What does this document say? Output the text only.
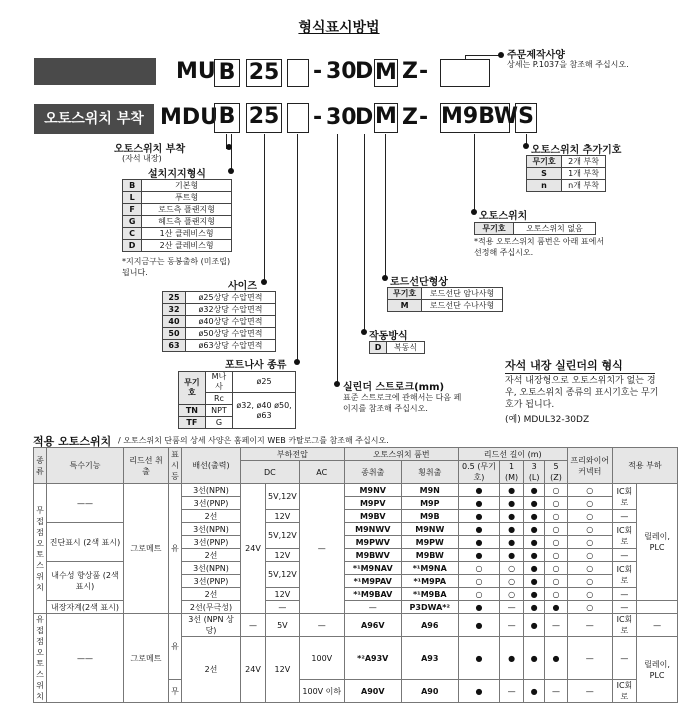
형식표시방법
오토스위치 부착
MU B 25 - 30
D M Z -
MDU B 25 - 30
D M Z - M9BW S
주문제작사양
상세는 P.1037을 참조해 주십시오.
오토스위치 부착
(자석 내장)
설치지지형식
B	기본형
L	푸트형
F	로드측 플랜지형
G	헤드측 플랜지형
C	1산 클레비스형
D	2산 클레비스형
*지지금구는 동봉출하 (미조립) 됩니다.
사이즈
25	ø25상당 수압면적
32	ø32상당 수압면적
40	ø40상당 수압면적
50	ø50상당 수압면적
63	ø63상당 수압면적
포트나사 종류
무기호	M나사	ø25
	Rc	ø32, ø40 ø50, ø63
TN	NPT	
TF	G	
실린더 스트로크(mm)
표준 스트로크에 관해서는 다음 페이지를 참조해 주십시오.
작동방식
D	복동식
로드선단형상
무기호	로드선단 암나사형
M	로드선단 수나사형
오토스위치
무기호	오토스위치 없음
*적용 오토스위치 품번은 아래 표에서 선정해 주십시오.
오토스위치 추가기호
무기호	2개 부착
S	1개 부착
n	n개 부착
자석 내장 실린더의 형식
자석 내장형으로 오토스위치가 없는 경우, 오토스위치 종류의 표시기호는 무기호가 됩니다.
(예) MDUL32-30DZ
적용 오토스위치 / 오토스위치 단품의 상세 사양은 홈페이지 WEB 카탈로그를 참조해 주십시오.
종류	특수기능	리드선 취출	표시등	배선(출력)	부하전압			오토스위치 품번		리드선 길이 (m)				프리와이어 커넥터	적용 부하	
					DC		AC	종취출	횡취출	0.5 (무기호)	1 (M)	3 (L)	5 (Z)			

무접점 오토스위치	——	그로메트	유	3선(NPN)	24V	5V,12V	—	M9NV	M9N	●	●	●	○	○	IC회로	릴레이, PLC
				3선(PNP)				M9PV	M9P	●	●	●	○	○		
				2선		12V		M9BV	M9B	●	●	●	○	○	—	
	진단표시 (2색 표시)			3선(NPN)		5V,12V		M9NWV	M9NW	●	●	●	○	○	IC회로	
				3선(PNP)				M9PWV	M9PW	●	●	●	○	○		
				2선		12V		M9BWV	M9BW	●	●	●	○	○	—	
	내수성 향상품 (2색 표시)			3선(NPN)		5V,12V		*¹M9NAV	*¹M9NA	○	○	●	○	○	IC회로	
				3선(PNP)				*¹M9PAV	*¹M9PA	○	○	●	○	○		
				2선		12V		*¹M9BAV	*¹M9BA	○	○	●	○	○	—	
	내장자계(2색 표시)			2선(무극성)		—		—	P3DWA*²	●	—	●	●	○	—	
유접점 오토스위치	——	그로메트	유	3선 (NPN 상당)	—	5V	—	A96V	A96	●	—	●	—	—	IC회로	—
				2선	24V	12V	100V	*²A93V	A93	●	●	●	●	—	—	릴레이, PLC
			무				100V 이하	A90V	A90	●	—	●	—	—	IC회로	
